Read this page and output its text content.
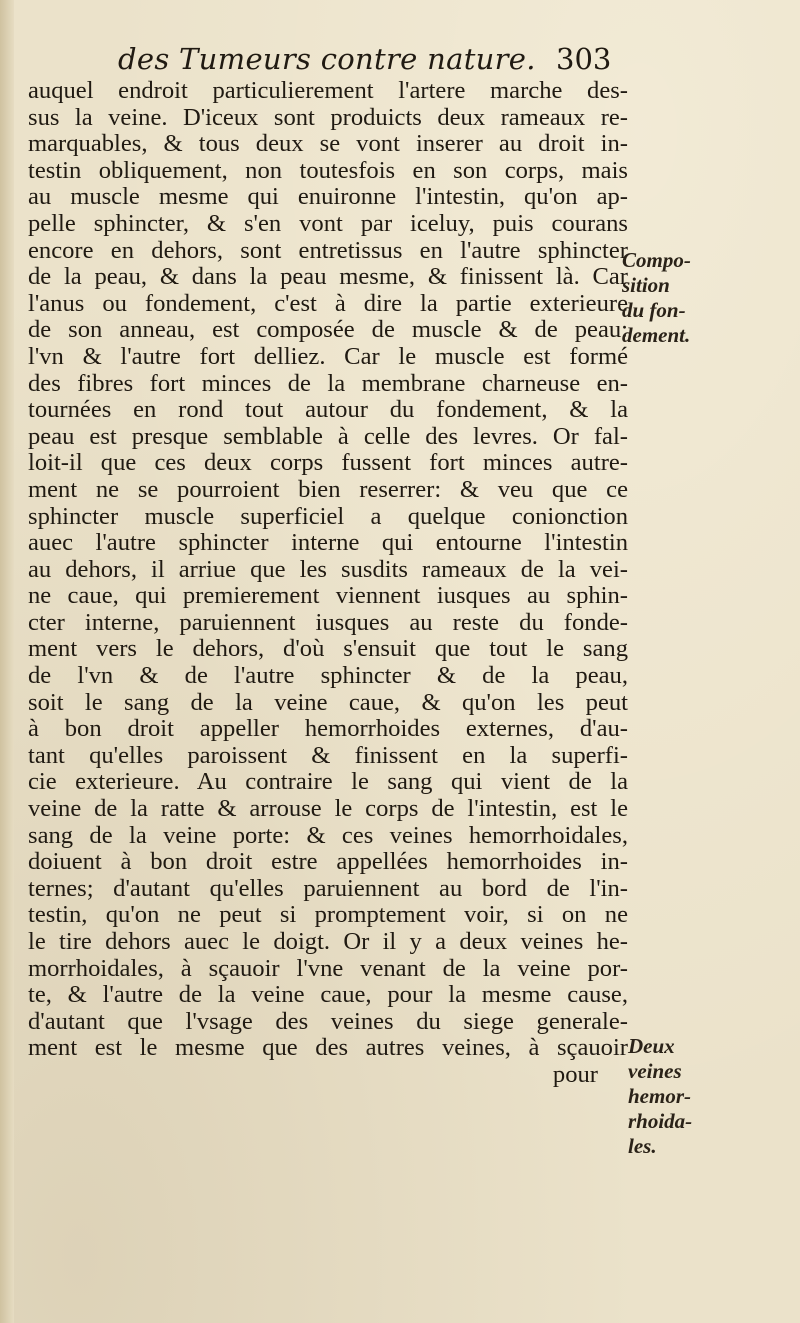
des Tumeurs contre nature. 303
auquel endroit particulierement l'artere marche des-
sus la veine. D'iceux sont produicts deux rameaux re-
marquables, & tous deux se vont inserer au droit in-
testin obliquement, non toutesfois en son corps, mais
au muscle mesme qui enuironne l'intestin, qu'on ap-
pelle sphincter, & s'en vont par iceluy, puis courans
encore en dehors, sont entretissus en l'autre sphincter
de la peau, & dans la peau mesme, & finissent là. Car
l'anus ou fondement, c'est à dire la partie exterieure
de son anneau, est composée de muscle & de peau:
l'vn & l'autre fort delliez. Car le muscle est formé
des fibres fort minces de la membrane charneuse en-
tournées en rond tout autour du fondement, & la
peau est presque semblable à celle des levres. Or fal-
loit-il que ces deux corps fussent fort minces autre-
ment ne se pourroient bien reserrer: & veu que ce
sphincter muscle superficiel a quelque conionction
auec l'autre sphincter interne qui entourne l'intestin
au dehors, il arriue que les susdits rameaux de la vei-
ne caue, qui premierement viennent iusques au sphin-
cter interne, paruiennent iusques au reste du fonde-
ment vers le dehors, d'où s'ensuit que tout le sang
de l'vn & de l'autre sphincter & de la peau,
soit le sang de la veine caue, & qu'on les peut
à bon droit appeller hemorrhoides externes, d'au-
tant qu'elles paroissent & finissent en la superfi-
cie exterieure. Au contraire le sang qui vient de la
veine de la ratte & arrouse le corps de l'intestin, est le
sang de la veine porte: & ces veines hemorrhoidales,
doiuent à bon droit estre appellées hemorrhoides in-
ternes; d'autant qu'elles paruiennent au bord de l'in-
testin, qu'on ne peut si promptement voir, si on ne
le tire dehors auec le doigt. Or il y a deux veines he-
morrhoidales, à sçauoir l'vne venant de la veine por-
te, & l'autre de la veine caue, pour la mesme cause,
d'autant que l'vsage des veines du siege generale-
ment est le mesme que des autres veines, à sçauoir
pour
Compo-
sition
du fon-
dement.
Deux
veines
hemor-
rhoida-
les.
